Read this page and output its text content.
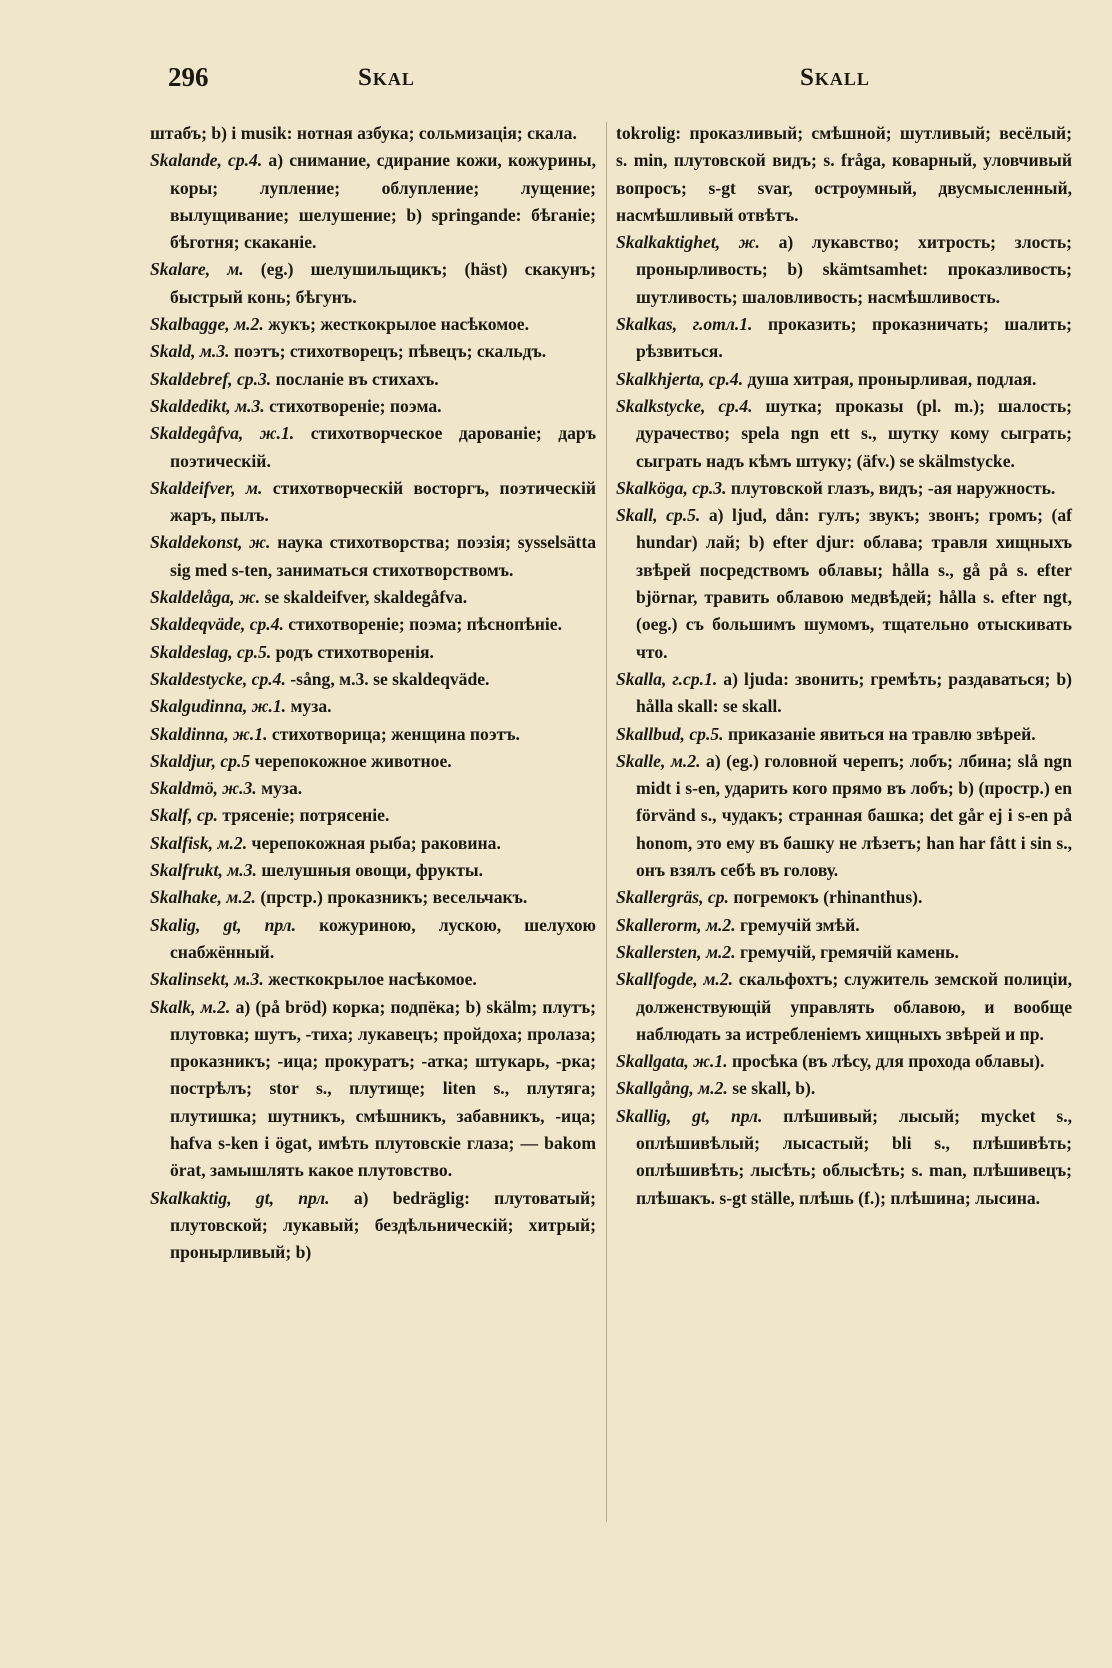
296	Skal	Skall

штабъ; b) i musik: нотная азбука; сольмизація; скала.

Skalande, ср.4. а) снимание, сдирание кожи, кожурины, коры; лупление; облупление; лущение; вылущивание; шелушение; b) springande: бѣганіе; бѣготня; скаканіе.

Skalare, м. (eg.) шелушильщикъ; (häst) скакунъ; быстрый конь; бѣгунъ.

Skalbagge, м.2. жукъ; жесткокрылое насѣкомое.

Skald, м.3. поэтъ; стихотворецъ; пѣвецъ; скальдъ.

Skaldebref, ср.3. посланіе въ стихахъ.

Skaldedikt, м.3. стихотвореніе; поэма.

Skaldegåfva, ж.1. стихотворческое дарованіе; даръ поэтическій.

Skaldeifver, м. стихотворческій восторгъ, поэтическій жаръ, пылъ.

Skaldekonst, ж. наука стихотворства; поэзія; sysselsätta sig med s-ten, заниматься стихотворствомъ.

Skaldelåga, ж. se skaldeifver, skaldegåfva.

Skaldeqväde, ср.4. стихотвореніе; поэма; пѣснопѣніе.

Skaldeslag, ср.5. родъ стихотворенія.

Skaldestycke, ср.4. -sång, м.3. se skaldeqväde.

Skalgudinna, ж.1. муза.

Skaldinna, ж.1. стихотворица; женщина поэтъ.

Skaldjur, ср.5 черепокожное животное.

Skaldmö, ж.3. муза.

Skalf, ср. трясеніе; потрясеніе.

Skalfisk, м.2. черепокожная рыба; раковина.

Skalfrukt, м.3. шелушныя овощи, фрукты.

Skalhake, м.2. (прстр.) проказникъ; весельчакъ.

Skalig, gt, прл. кожуриною, лускою, шелухою снабжённый.

Skalinsekt, м.3. жесткокрылое насѣкомое.

Skalk, м.2. а) (på bröd) корка; подпёка; b) skälm; плутъ; плутовка; шутъ, -тиха; лукавецъ; пройдоха; пролаза; проказникъ; -ица; прокуратъ; -атка; штукарь, -рка; пострѣлъ; stor s., плутище; liten s., плутяга; плутишка; шутникъ, смѣшникъ, забавникъ, -ица; hafva s-ken i ögat, имѣть плутовскіе глаза; — bakom örat, замышлять какое плутовство.

Skalkaktig, gt, прл. а) bedräglig: плутоватый; плутовской; лукавый; бездѣльническій; хитрый; пронырливый; b)

tokrolig: проказливый; смѣшной; шутливый; весёлый; s. min, плутовской видъ; s. fråga, коварный, уловчивый вопросъ; s-gt svar, остроумный, двусмысленный, насмѣшливый отвѣтъ.

Skalkaktighet, ж. а) лукавство; хитрость; злость; пронырливость; b) skämtsamhet: проказливость; шутливость; шаловливость; насмѣшливость.

Skalkas, г.отл.1. проказить; проказничать; шалить; рѣзвиться.

Skalkhjerta, ср.4. душа хитрая, пронырливая, подлая.

Skalkstycke, ср.4. шутка; проказы (pl. m.); шалость; дурачество; spela ngn ett s., шутку кому сыграть; сыграть надъ кѣмъ штуку; (äfv.) se skälmstycke.

Skalköga, ср.3. плутовской глазъ, видъ; -ая наружность.

Skall, ср.5. а) ljud, dån: гулъ; звукъ; звонъ; громъ; (af hundar) лай; b) efter djur: облава; травля хищныхъ звѣрей посредствомъ облавы; hålla s., gå på s. efter björnar, травить облавою медвѣдей; hålla s. efter ngt, (oeg.) съ большимъ шумомъ, тщательно отыскивать что.

Skalla, г.ср.1. а) ljuda: звонить; гремѣть; раздаваться; b) hålla skall: se skall.

Skallbud, ср.5. приказаніе явиться на травлю звѣрей.

Skalle, м.2. а) (eg.) головной черепъ; лобъ; лбина; slå ngn midt i s-en, ударить кого прямо въ лобъ; b) (простр.) en förvänd s., чудакъ; странная башка; det går ej i s-en på honom, это ему въ башку не лѣзетъ; han har fått i sin s., онъ взялъ себѣ въ голову.

Skallergräs, ср. погремокъ (rhinanthus).

Skallerorm, м.2. гремучій змѣй.

Skallersten, м.2. гремучій, гремячій камень.

Skallfogde, м.2. скальфохтъ; служитель земской полиціи, долженствующій управлять облавою, и вообще наблюдать за истребленіемъ хищныхъ звѣрей и пр.

Skallgata, ж.1. просѣка (въ лѣсу, для прохода облавы).

Skallgång, м.2. se skall, b).

Skallig, gt, прл. плѣшивый; лысый; mycket s., оплѣшивѣлый; лысастый; bli s., плѣшивѣть; оплѣшивѣть; лысѣть; облысѣть; s. man, плѣшивецъ; плѣшакъ. s-gt ställe, плѣшь (f.); плѣшина; лысина.
